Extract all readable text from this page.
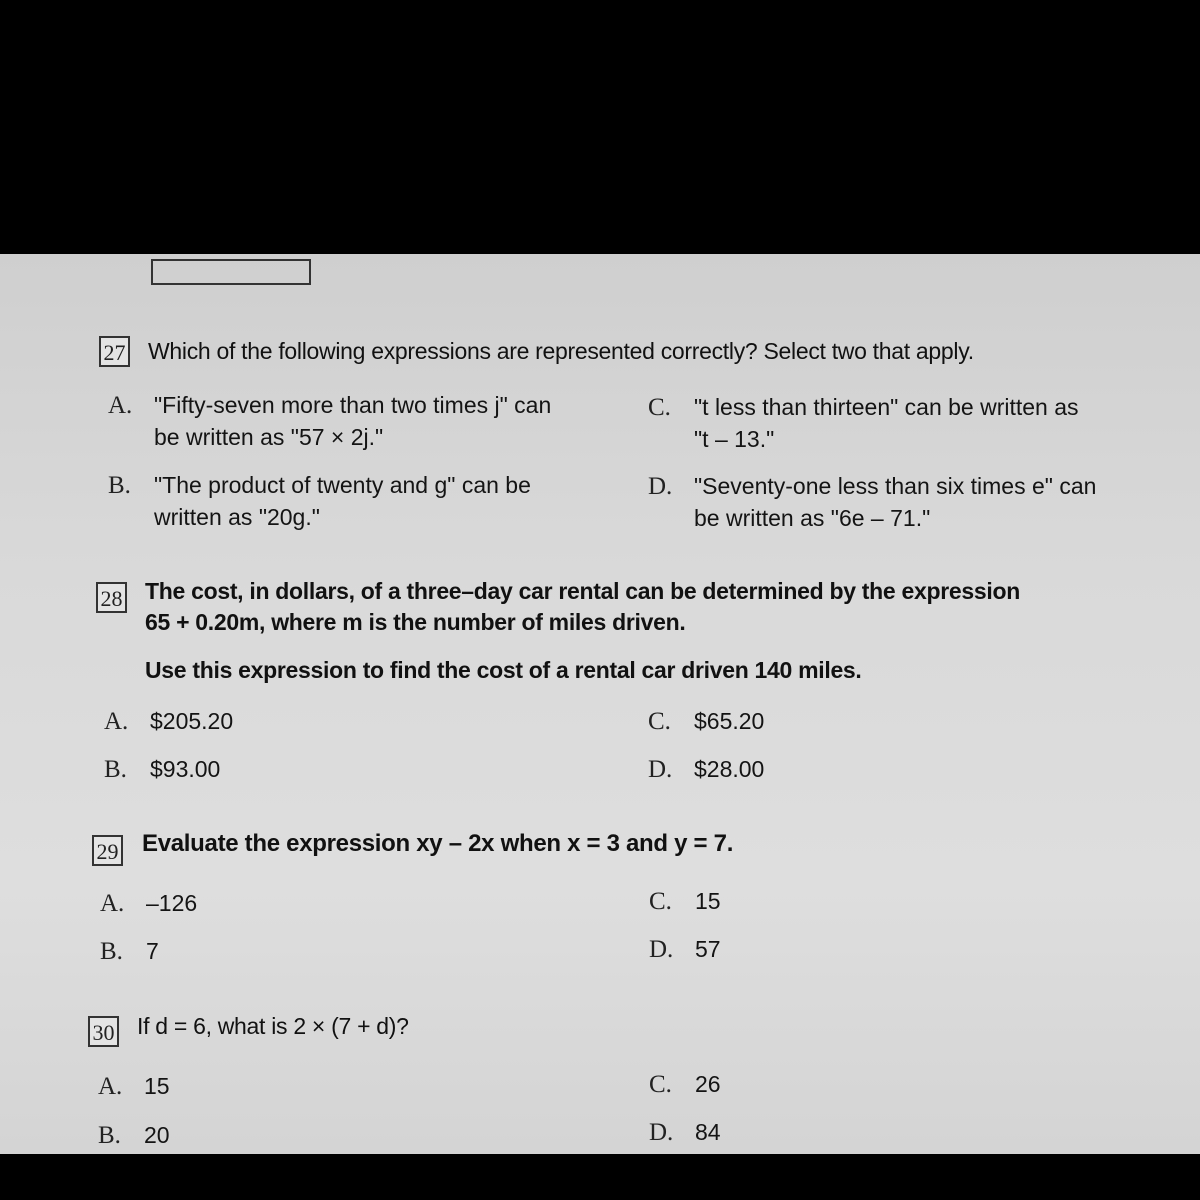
27 Which of the following expressions are represented correctly? Select two that apply.
A. "Fifty-seven more than two times j" can
be written as "57 × 2j."
B. "The product of twenty and g" can be
written as "20g."
C. "t less than thirteen" can be written as
"t – 13."
D. "Seventy-one less than six times e" can
be written as "6e – 71."
28 The cost, in dollars, of a three–day car rental can be determined by the expression
65 + 0.20m, where m is the number of miles driven.
Use this expression to find the cost of a rental car driven 140 miles.
A. $205.20
B. $93.00
C. $65.20
D. $28.00
29 Evaluate the expression xy – 2x when x = 3 and y = 7.
A. –126
B. 7
C. 15
D. 57
30 If d = 6, what is 2 × (7 + d)?
A. 15
B. 20
C. 26
D. 84
